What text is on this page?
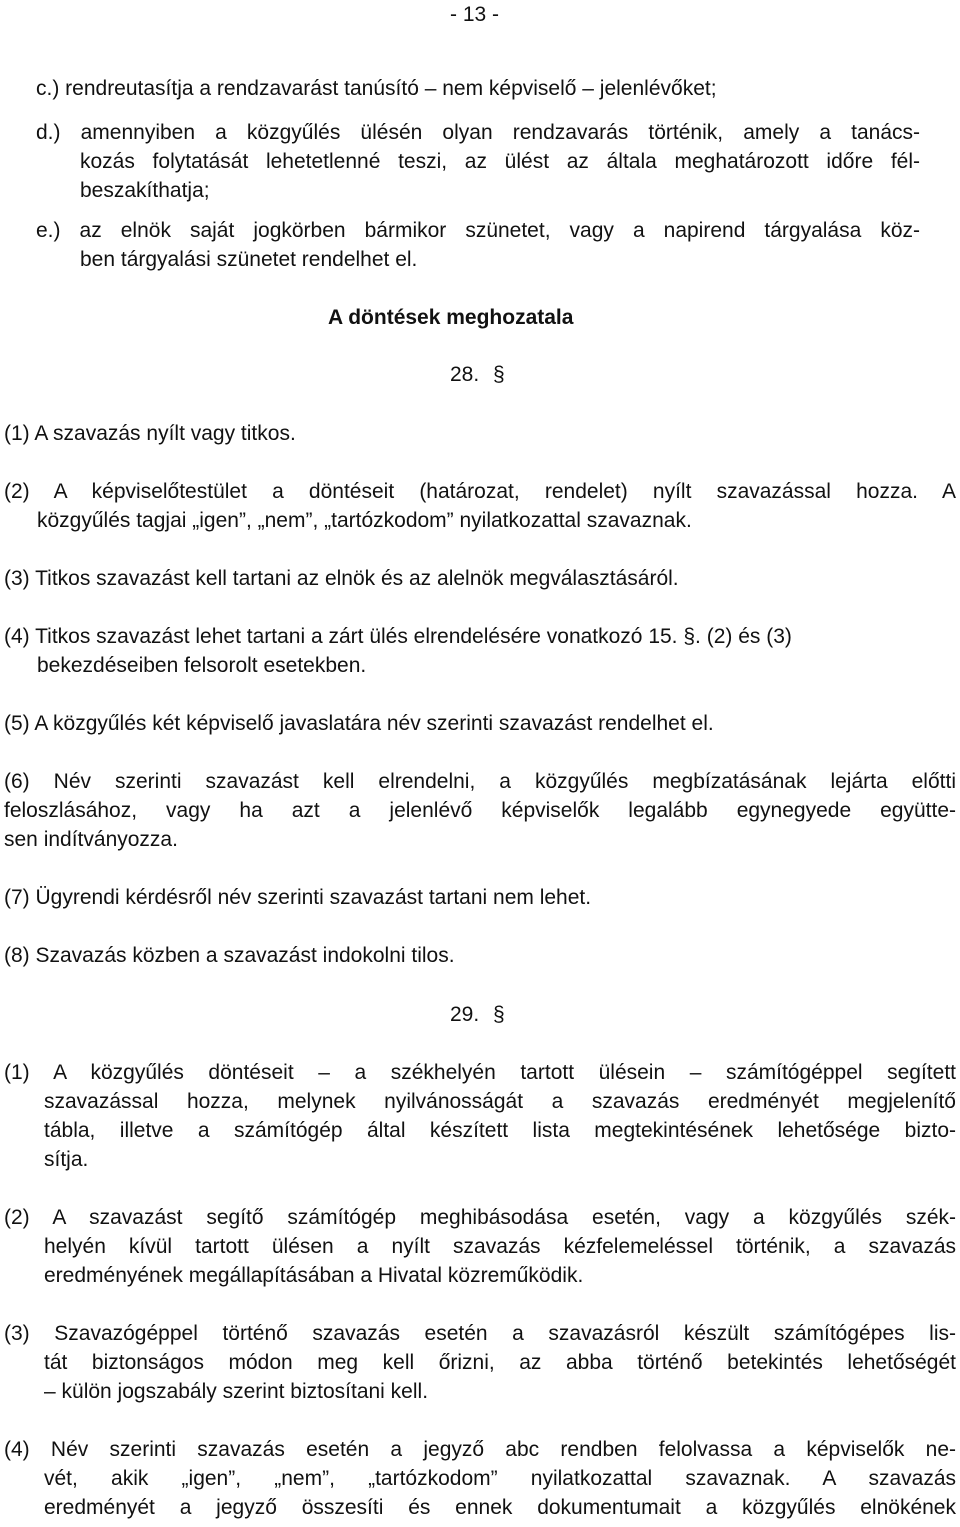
- 13 -
c.) rendreutasítja a rendzavarást tanúsító – nem képviselő – jelenlévőket;
d.) amennyiben a közgyűlés ülésén olyan rendzavarás történik, amely a tanács-
kozás folytatását lehetetlenné teszi, az ülést az általa meghatározott időre fél-
beszakíthatja;
e.) az elnök saját jogkörben bármikor szünetet, vagy a napirend tárgyalása köz-
ben tárgyalási szünetet rendelhet el.
A döntések meghozatala
28. §
(1) A szavazás nyílt vagy titkos.
(2) A képviselőtestület a döntéseit (határozat, rendelet) nyílt szavazással hozza. A
közgyűlés tagjai „igen”, „nem”, „tartózkodom” nyilatkozattal szavaznak.
(3) Titkos szavazást kell tartani az elnök és az alelnök megválasztásáról.
(4) Titkos szavazást lehet tartani a zárt ülés elrendelésére vonatkozó 15. §. (2) és (3)
bekezdéseiben felsorolt esetekben.
(5) A közgyűlés két képviselő javaslatára név szerinti szavazást rendelhet el.
(6) Név szerinti szavazást kell elrendelni, a közgyűlés megbízatásának lejárta előtti
feloszlásához, vagy ha azt a jelenlévő képviselők legalább egynegyede együtte-
sen indítványozza.
(7) Ügyrendi kérdésről név szerinti szavazást tartani nem lehet.
(8) Szavazás közben a szavazást indokolni tilos.
29. §
(1) A közgyűlés döntéseit – a székhelyén tartott ülésein – számítógéppel segített
szavazással hozza, melynek nyilvánosságát a szavazás eredményét megjelenítő
tábla, illetve a számítógép által készített lista megtekintésének lehetősége bizto-
sítja.
(2) A szavazást segítő számítógép meghibásodása esetén, vagy a közgyűlés szék-
helyén kívül tartott ülésen a nyílt szavazás kézfelemeléssel történik, a szavazás
eredményének megállapításában a Hivatal közreműködik.
(3) Szavazógéppel történő szavazás esetén a szavazásról készült számítógépes lis-
tát biztonságos módon meg kell őrizni, az abba történő betekintés lehetőségét
– külön jogszabály szerint biztosítani kell.
(4) Név szerinti szavazás esetén a jegyző abc rendben felolvassa a képviselők ne-
vét, akik „igen”, „nem”, „tartózkodom” nyilatkozattal szavaznak. A szavazás
eredményét a jegyző összesíti és ennek dokumentumait a közgyűlés elnökének
